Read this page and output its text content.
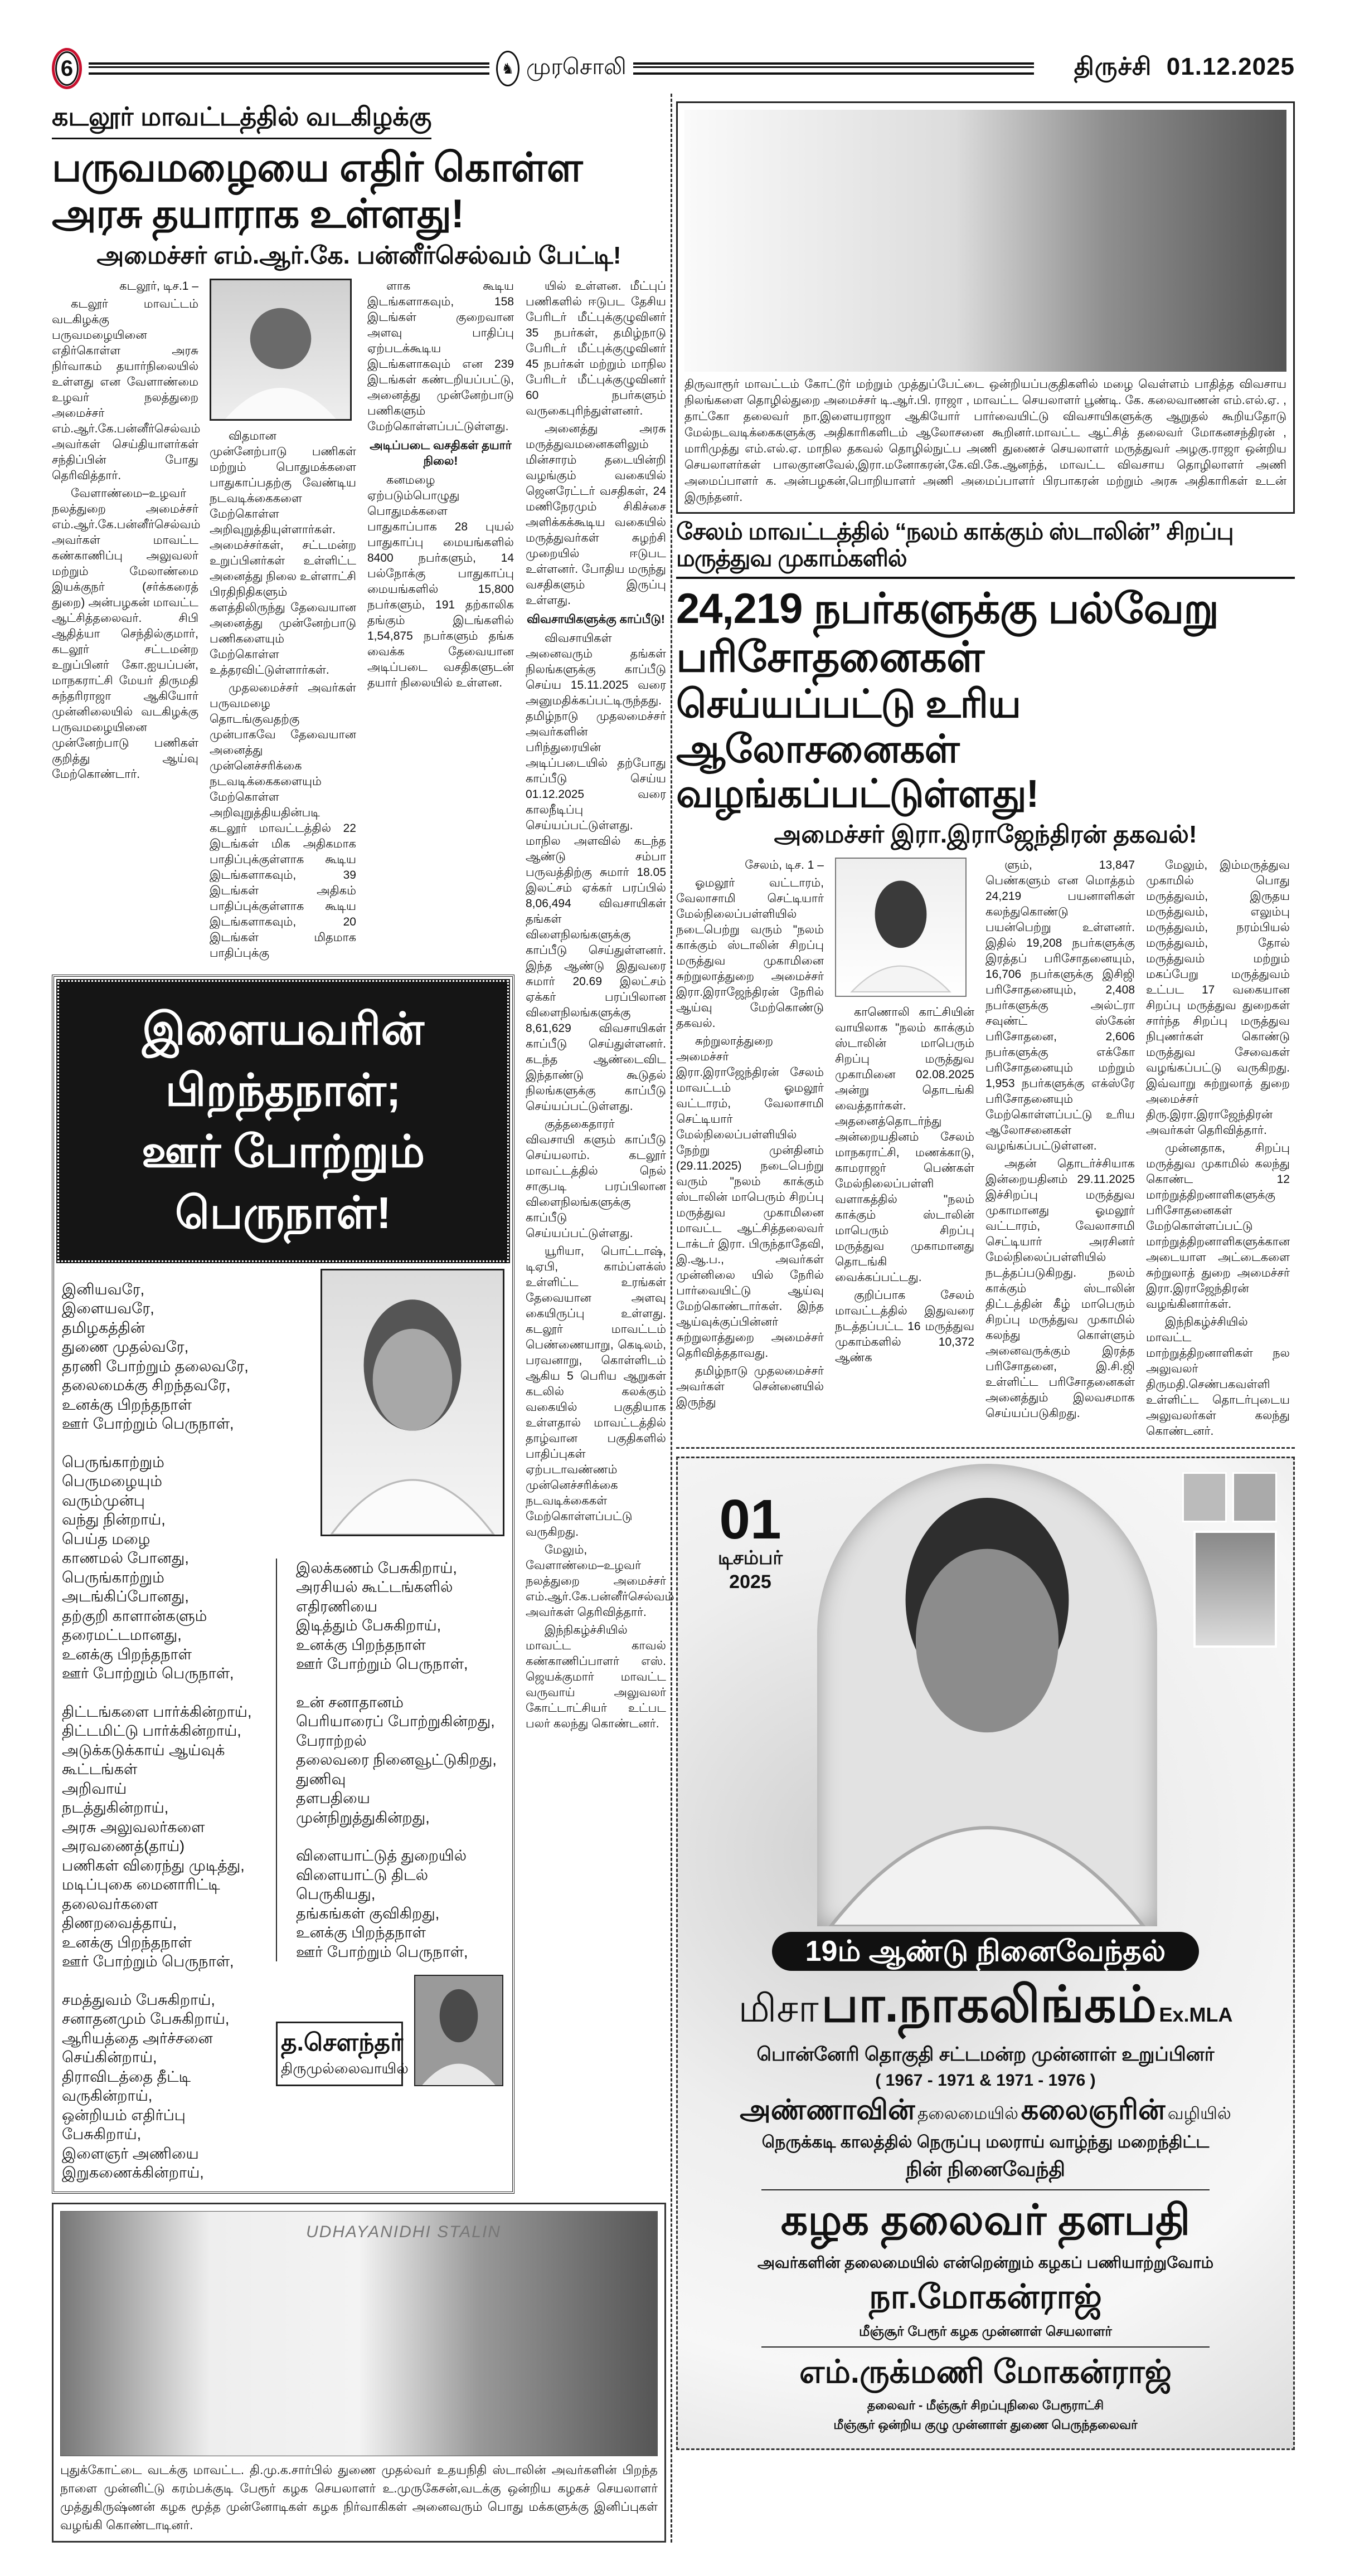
6	♞ முரசொலி	திருச்சி 01.12.2025
கடலூர் மாவட்டத்தில் வடகிழக்கு
பருவமழையை எதிர் கொள்ள அரசு தயாராக உள்ளது!
அமைச்சர் எம்.ஆர்.கே. பன்னீர்செல்வம் பேட்டி!

கடலூர், டிச.1 –

கடலூர் மாவட்டம் வடகிழக்கு பருவமழையினை எதிர்கொள்ள அரசு நிர்வாகம் தயார்நிலையில் உள்ளது என வேளாண்மை உழவர் நலத்துறை அமைச்சர் எம்.ஆர்.கே.பன்னீர்செல்வம் அவர்கள் செய்தியாளர்கள் சந்திப்பின் போது தெரிவித்தார்.

வேளாண்மை–உழவர் நலத்துறை அமைச்சர் எம்.ஆர்.கே.பன்னீர்செல்வம் அவர்கள் மாவட்ட கண்காணிப்பு அலுவலர் மற்றும் மேலாண்மை இயக்குநர் (சர்க்கரைத் துறை) அன்பழகன் மாவட்ட ஆட்சித்தலைவர். சிபி ஆதித்யா செந்தில்குமார், கடலூர் சட்டமன்ற உறுப்பினர் கோ.ஐயப்பன், மாநகராட்சி மேயர் திருமதி சுந்தரிராஜா ஆகியோர் முன்னிலையில் வடகிழக்கு பருவமழையினை முன்னேற்பாடு பணிகள் குறித்து ஆய்வு மேற்கொண்டார்.

விதமான முன்னேற்பாடு பணிகள் மற்றும் பொதுமக்களை பாதுகாப்பதற்கு வேண்டிய நடவடிக்கைகளை மேற்கொள்ள அறிவுறுத்தியுள்ளார்கள். அமைச்சர்கள், சட்டமன்ற உறுப்பினர்கள் உள்ளிட்ட அனைத்து நிலை உள்ளாட்சி பிரதிநிதிகளும் களத்திலிருந்து தேவையான அனைத்து முன்னேற்பாடு பணிகளையும் மேற்கொள்ள உத்தரவிட்டுள்ளார்கள்.

முதலமைச்சர் அவர்கள் பருவமழை தொடங்குவதற்கு முன்பாகவே தேவையான அனைத்து முன்னெச்சரிக்கை நடவடிக்கைகளையும் மேற்கொள்ள அறிவுறுத்தியதின்படி கடலூர் மாவட்டத்தில் 22 இடங்கள் மிக அதிகமாக பாதிப்புக்குள்ளாக கூடிய இடங்களாகவும், 39 இடங்கள் அதிகம் பாதிப்புக்குள்ளாக கூடிய இடங்களாகவும், 20 இடங்கள் மிதமாக பாதிப்புக்கு

ளாக கூடிய இடங்களாகவும், 158 இடங்கள் குறைவான அளவு பாதிப்பு ஏற்படக்கூடிய இடங்களாகவும் என 239 இடங்கள் கண்டறியப்பட்டு, அனைத்து முன்னேற்பாடு பணிகளும் மேற்கொள்ளப்பட்டுள்ளது.

அடிப்படை வசதிகள் தயார் நிலை!

கனமழை ஏற்படும்பொழுது பொதுமக்களை பாதுகாப்பாக 28 புயல் பாதுகாப்பு மையங்களில் 8400 நபர்களும், 14 பல்நோக்கு பாதுகாப்பு மையங்களில் 15,800 நபர்களும், 191 தற்காலிக தங்கும் இடங்களில் 1,54,875 நபர்களும் தங்க வைக்க தேவையான அடிப்படை வசதிகளுடன் தயார் நிலையில் உள்ளன.

இளையவரின் பிறந்தநாள்;
ஊர் போற்றும் பெருநாள்!
இனியவரே,
இளையவரே,
தமிழகத்தின்
துணை முதல்வரே,
தரணி போற்றும் தலைவரே,
தலைமைக்கு சிறந்தவரே,
உனக்கு பிறந்தநாள்
ஊர் போற்றும் பெருநாள்,
பெருங்காற்றும்
பெருமழையும்
வரும்முன்பு
வந்து நின்றாய்,
பெய்த மழை
காணமல் போனது,
பெருங்காற்றும் அடங்கிப்போனது,
தற்குறி காளான்களும்
தரைமட்டமானது,
உனக்கு பிறந்தநாள்
ஊர் போற்றும் பெருநாள்,
திட்டங்களை பார்க்கின்றாய்,
திட்டமிட்டு பார்க்கின்றாய்,
அடுக்கடுக்காய் ஆய்வுக்
கூட்டங்கள்
அறிவாய்
நடத்துகின்றாய்,
அரசு அலுவலர்களை
அரவணைத்(தாய்)
பணிகள் விரைந்து முடித்து,
மடிப்புகை மைனாரிட்டி
தலைவர்களை திணறவைத்தாய்,
உனக்கு பிறந்தநாள்
ஊர் போற்றும் பெருநாள்,
சமத்துவம் பேசுகிறாய்,
சனாதனமும் பேசுகிறாய்,
ஆரியத்தை அர்ச்சனை
செய்கின்றாய்,
திராவிடத்தை தீட்டி
வருகின்றாய்,
ஒன்றியம் எதிர்ப்பு பேசுகிறாய்,
இளைஞர் அணியை
இறுகணைக்கின்றாய்,
இலக்கணம் பேசுகிறாய்,
அரசியல் கூட்டங்களில்
எதிரணியை
இடித்தும் பேசுகிறாய்,
உனக்கு பிறந்தநாள்
ஊர் போற்றும் பெருநாள்,
உன் சனாதானம்
பெரியாரைப் போற்றுகின்றது,
பேராற்றல்
தலைவரை நினைவூட்டுகிறது,
துணிவு
தளபதியை முன்நிறுத்துகின்றது,
விளையாட்டுத் துறையில்
விளையாட்டு திடல் பெருகியது,
தங்கங்கள் குவிகிறது,
உனக்கு பிறந்தநாள்
ஊர் போற்றும் பெருநாள்,
த.சௌந்தர்
திருமுல்லைவாயில்

யில் உள்ளன. மீட்புப் பணிகளில் ஈடுபட தேசிய பேரிடர் மீட்புக்குழுவினர் 35 நபர்கள், தமிழ்நாடு பேரிடர் மீட்புக்குழுவினர் 45 நபர்கள் மற்றும் மாநில பேரிடர் மீட்புக்குழுவினர் 60 நபர்களும் வருகைபுரிந்துள்ளனர்.

அனைத்து அரசு மருத்துவமனைகளிலும் மின்சாரம் தடையின்றி வழங்கும் வகையில் ஜெனரேட்டர் வசதிகள், 24 மணிநேரமும் சிகிச்சை அளிக்கக்கூடிய வகையில் மருத்துவர்கள் சுழற்சி முறையில் ஈடுபட உள்ளனர். போதிய மருந்து வசதிகளும் இருப்பு உள்ளது.

விவசாயிகளுக்கு காப்பீடு!

விவசாயிகள் அனைவரும் தங்கள் நிலங்களுக்கு காப்பீடு செய்ய 15.11.2025 வரை அனுமதிக்கப்பட்டிருந்தது. தமிழ்நாடு முதலமைச்சர் அவர்களின் பரிந்துரையின் அடிப்படையில் தற்போது காப்பீடு செய்ய 01.12.2025 வரை காலநீடிப்பு செய்யப்பட்டுள்ளது. மாநில அளவில் கடந்த ஆண்டு சம்பா பருவத்திற்கு சுமார் 18.05 இலட்சம் ஏக்கர் பரப்பில் 8,06,494 விவசாயிகள் தங்கள் விளைநிலங்களுக்கு காப்பீடு செய்துள்ளனர். இந்த ஆண்டு இதுவரை சுமார் 20.69 இலட்சம் ஏக்கர் பரப்பிலான விளைநிலங்களுக்கு 8,61,629 விவசாயிகள் காப்பீடு செய்துள்ளனர். கடந்த ஆண்டைவிட இந்தாண்டு கூடுதல் நிலங்களுக்கு காப்பீடு செய்யப்பட்டுள்ளது.

குத்தகைதாரர் விவசாயி களும் காப்பீடு செய்யலாம். கடலூர் மாவட்டத்தில் நெல் சாகுபடி பரப்பிலான விளைநிலங்களுக்கு காப்பீடு செய்யப்பட்டுள்ளது.

யூரியா, பொட்டாஷ், டிஏபி, காம்ப்ளக்ஸ் உள்ளிட்ட உரங்கள் தேவையான அளவு கையிருப்பு உள்ளது. கடலூர் மாவட்டம் பெண்ணையாறு, கெடிலம், பரவனாறு, கொள்ளிடம் ஆகிய 5 பெரிய ஆறுகள் கடலில் கலக்கும் வகையில் பகுதியாக உள்ளதால் மாவட்டத்தில் தாழ்வான பகுதிகளில் பாதிப்புகள் ஏற்படாவண்ணம் முன்னெச்சரிக்கை நடவடிக்கைகள் மேற்கொள்ளப்பட்டு வருகிறது.

மேலும், வேளாண்மை–உழவர் நலத்துறை அமைச்சர் எம்.ஆர்.கே.பன்னீர்செல்வம் அவர்கள் தெரிவித்தார்.

இந்நிகழ்ச்சியில் மாவட்ட காவல் கண்காணிப்பாளர் எஸ். ஜெயக்குமார் மாவட்ட வருவாய் அலுவலர் கோட்டாட்சியர் உட்பட பலர் கலந்து கொண்டனர்.

UDHAYANIDHI STALIN
புதுக்கோட்டை வடக்கு மாவட்ட. தி.மு.க.சார்பில் துணை முதல்வர் உதயநிதி ஸ்டாலின் அவர்களின் பிறந்த நாளை முன்னிட்டு கரம்பக்குடி பேரூர் கழக செயலாளர் உ.முருகேசன்,வடக்கு ஒன்றிய கழகச் செயலாளர் முத்துகிருஷ்ணன் கழக மூத்த முன்னோடிகள் கழக நிர்வாகிகள் அனைவரும் பொது மக்களுக்கு இனிப்புகள் வழங்கி கொண்டாடினர்.
திருவாரூர் மாவட்டம் கோட்டூர் மற்றும் முத்துப்பேட்டை ஒன்றியப்பகுதிகளில் மழை வெள்ளம் பாதித்த விவசாய நிலங்களை தொழில்துறை அமைச்சர் டி.ஆர்.பி. ராஜா , மாவட்ட செயலாளர் பூண்டி. கே. கலைவாணன் எம்.எல்.ஏ. , தாட்கோ தலைவர் நா.இளையராஜா ஆகியோர் பார்வையிட்டு விவசாயிகளுக்கு ஆறுதல் கூறியதோடு மேல்நடவடிக்கைகளுக்கு அதிகாரிகளிடம் ஆலோசனை கூறினர்.மாவட்ட ஆட்சித் தலைவர் மோகனசந்திரன் , மாரிமுத்து எம்.எல்.ஏ. மாநில தகவல் தொழில்நுட்ப அணி துணைச் செயலாளர் மருத்துவர் அழகு.ராஜா ஒன்றிய செயலாளர்கள் பாலகுானவேல்,இரா.மனோகரன்,கே.வி.கே.ஆனந்த், மாவட்ட விவசாய தொழிலாளர் அணி அமைப்பாளர் க. அன்பழகன்,பொறியாளர் அணி அமைப்பாளர் பிரபாகரன் மற்றும் அரசு அதிகாரிகள் உடன் இருந்தனர்.
சேலம் மாவட்டத்தில் “நலம் காக்கும் ஸ்டாலின்” சிறப்பு மருத்துவ முகாம்களில்
24,219 நபர்களுக்கு பல்வேறு பரிசோதனைகள்
செய்யப்பட்டு உரிய ஆலோசனைகள் வழங்கப்பட்டுள்ளது!
அமைச்சர் இரா.இராஜேந்திரன் தகவல்!

சேலம், டிச. 1 –

ஓமலூர் வட்டாரம், வேலாசாமி செட்டியார் மேல்நிலைப்பள்ளியில் நடைபெற்று வரும் "நலம் காக்கும் ஸ்டாலின் சிறப்பு மருத்துவ முகாமினை சுற்றுலாத்துறை அமைச்சர் இரா.இராஜேந்திரன் நேரில் ஆய்வு மேற்கொண்டு தகவல்.

சுற்றுலாத்துறை அமைச்சர் இரா.இராஜேந்திரன் சேலம் மாவட்டம் ஓமலூர் வட்டாரம், வேலாசாமி செட்டியார் மேல்நிலைப்பள்ளியில் நேற்று முன்தினம் (29.11.2025) நடைபெற்று வரும் "நலம் காக்கும் ஸ்டாலின் மாபெரும் சிறப்பு மருத்துவ முகாமினை மாவட்ட ஆட்சித்தலைவர் டாக்டர் இரா. பிருந்தாதேவி, இ.ஆ.ப., அவர்கள் முன்னிலை யில் நேரில் பார்வையிட்டு ஆய்வு மேற்கொண்டார்கள். இந்த ஆய்வுக்குப்பின்னர் சுற்றுலாத்துறை அமைச்சர் தெரிவித்ததாவது.

தமிழ்நாடு முதலமைச்சர் அவர்கள் சென்னையில் இருந்து

காணொலி காட்சியின் வாயிலாக "நலம் காக்கும் ஸ்டாலின் மாபெரும் சிறப்பு மருத்துவ முகாமினை 02.08.2025 அன்று தொடங்கி வைத்தார்கள். அதனைத்தொடர்ந்து அன்றையதினம் சேலம் மாநகராட்சி, மணக்காடு, காமராஜர் பெண்கள் மேல்நிலைப்பள்ளி வளாகத்தில் "நலம் காக்கும் ஸ்டாலின் மாபெரும் சிறப்பு மருத்துவ முகாமானது தொடங்கி வைக்கப்பட்டது.

குறிப்பாக சேலம் மாவட்டத்தில் இதுவரை நடத்தப்பட்ட 16 மருத்துவ முகாம்களில் 10,372 ஆண்க

ளும், 13,847 பெண்களும் என மொத்தம் 24,219 பயனாளிகள் கலந்துகொண்டு பயன்பெற்று உள்ளனர். இதில் 19,208 நபர்களுக்கு இரத்தப் பரிசோதனையும், 16,706 நபர்களுக்கு இசிஜி பரிசோதனையும், 2,408 நபர்களுக்கு அல்ட்ரா சவுண்ட் ஸ்கேன் பரிசோதனை, 2,606 நபர்களுக்கு எக்கோ பரிசோதனையும் மற்றும் 1,953 நபர்களுக்கு எக்ஸ்ரே பரிசோதனையும் மேற்கொள்ளப்பட்டு உரிய ஆலோசனைகள் வழங்கப்பட்டுள்ளன.

அதன் தொடர்ச்சியாக இன்றையதினம் 29.11.2025 இச்சிறப்பு மருத்துவ முகாமானது ஓமலூர் வட்டாரம், வேலாசாமி செட்டியார் அரசினர் மேல்நிலைப்பள்ளியில் நடத்தப்படுகிறது. நலம் காக்கும் ஸ்டாலின் திட்டத்தின் கீழ் மாபெரும் சிறப்பு மருத்துவ முகாமில் கலந்து கொள்ளும் அனைவருக்கும் இரத்த பரிசோதனை, இ.சி.ஜி உள்ளிட்ட பரிசோதனைகள் அனைத்தும் இலவசமாக செய்யப்படுகிறது.

மேலும், இம்மருத்துவ முகாமில் பொது மருத்துவம், இருதய மருத்துவம், எலும்பு மருத்துவம், நரம்பியல் மருத்துவம், தோல் மருத்துவம் மற்றும் மகப்பேறு மருத்துவம் உட்பட 17 வகையான சிறப்பு மருத்துவ துறைகள் சார்ந்த சிறப்பு மருத்துவ நிபுணர்கள் கொண்டு மருத்துவ சேவைகள் வழங்கப்பட்டு வருகிறது. இவ்வாறு சுற்றுலாத் துறை அமைச்சர் திரு.இரா.இராஜேந்திரன் அவர்கள் தெரிவித்தார்.

முன்னதாக, சிறப்பு மருத்துவ முகாமில் கலந்து கொண்ட 12 மாற்றுத்திறனாளிகளுக்கு பரிசோதனைகள் மேற்கொள்ளப்பட்டு மாற்றுத்திறனாளிகளுக்கான அடையாள அட்டைகளை சுற்றுலாத் துறை அமைச்சர் இரா.இராஜேந்திரன் வழங்கினார்கள்.

இந்நிகழ்ச்சியில் மாவட்ட மாற்றுத்திறனாளிகள் நல அலுவலர் திருமதி.செண்பகவள்ளி உள்ளிட்ட தொடர்புடைய அலுவலர்கள் கலந்து கொண்டனர்.

01
டிசம்பர்
2025
19ம் ஆண்டு நினைவேந்தல்
மிசா பா.நாகலிங்கம் Ex.MLA
பொன்னேரி தொகுதி சட்டமன்ற முன்னாள் உறுப்பினர்
( 1967 - 1971 & 1971 - 1976 )
அண்ணாவின் தலைமையில் கலைஞரின் வழியில்
நெருக்கடி காலத்தில் நெருப்பு மலராய் வாழ்ந்து மறைந்திட்ட
நின் நினைவேந்தி
கழக தலைவர் தளபதி
அவர்களின் தலைமையில் என்றென்றும் கழகப் பணியாற்றுவோம்
நா.மோகன்ராஜ்
மீஞ்சூர் பேரூர் கழக முன்னாள் செயலாளர்
எம்.ருக்மணி மோகன்ராஜ்
தலைவர் - மீஞ்சூர் சிறப்புநிலை பேரூராட்சி
மீஞ்சூர் ஒன்றிய குழு முன்னாள் துணை பெருந்தலைவர்
